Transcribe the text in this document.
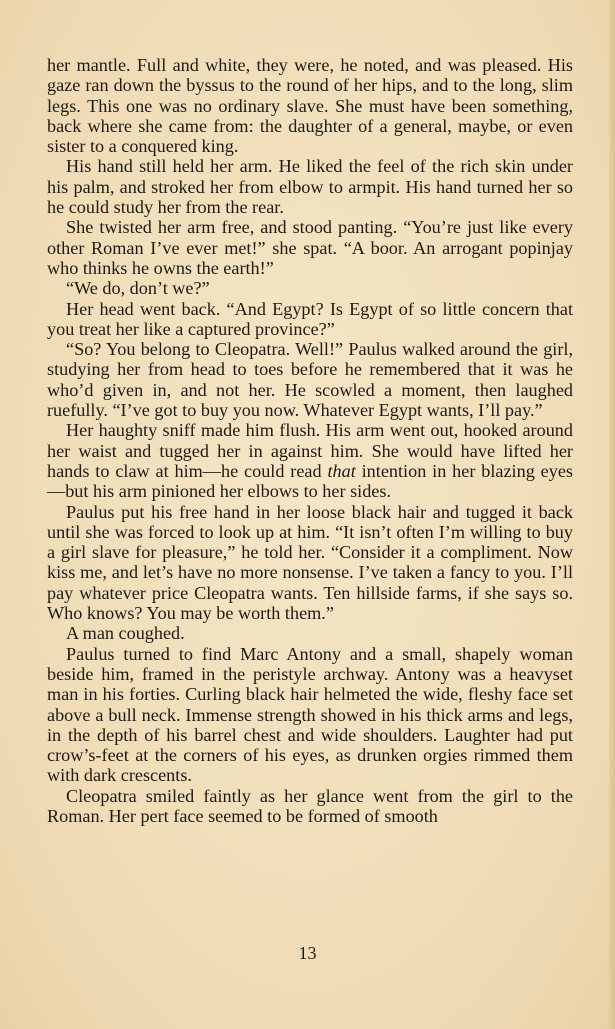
her mantle. Full and white, they were, he noted, and was pleased. His gaze ran down the byssus to the round of her hips, and to the long, slim legs. This one was no ordinary slave. She must have been something, back where she came from: the daughter of a general, maybe, or even sister to a conquered king.

His hand still held her arm. He liked the feel of the rich skin under his palm, and stroked her from elbow to armpit. His hand turned her so he could study her from the rear.

She twisted her arm free, and stood panting. “You’re just like every other Roman I’ve ever met!” she spat. “A boor. An arrogant popinjay who thinks he owns the earth!”

“We do, don’t we?”

Her head went back. “And Egypt? Is Egypt of so little concern that you treat her like a captured province?”

“So? You belong to Cleopatra. Well!” Paulus walked around the girl, studying her from head to toes before he remembered that it was he who’d given in, and not her. He scowled a moment, then laughed ruefully. “I’ve got to buy you now. Whatever Egypt wants, I’ll pay.”

Her haughty sniff made him flush. His arm went out, hooked around her waist and tugged her in against him. She would have lifted her hands to claw at him—he could read that intention in her blazing eyes—but his arm pinioned her elbows to her sides.

Paulus put his free hand in her loose black hair and tugged it back until she was forced to look up at him. “It isn’t often I’m willing to buy a girl slave for pleasure,” he told her. “Consider it a compliment. Now kiss me, and let’s have no more nonsense. I’ve taken a fancy to you. I’ll pay whatever price Cleopatra wants. Ten hillside farms, if she says so. Who knows? You may be worth them.”

A man coughed.

Paulus turned to find Marc Antony and a small, shapely woman beside him, framed in the peristyle archway. Antony was a heavyset man in his forties. Curling black hair helmeted the wide, fleshy face set above a bull neck. Immense strength showed in his thick arms and legs, in the depth of his barrel chest and wide shoulders. Laughter had put crow’s-feet at the corners of his eyes, as drunken orgies rimmed them with dark crescents.

Cleopatra smiled faintly as her glance went from the girl to the Roman. Her pert face seemed to be formed of smooth

13
